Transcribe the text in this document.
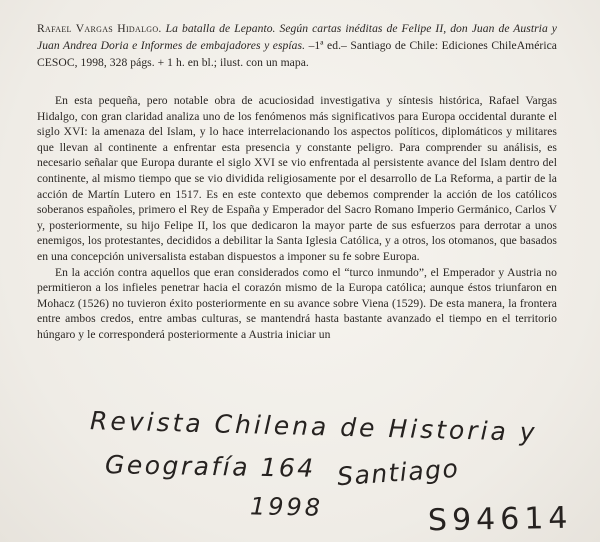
Rafael Vargas Hidalgo. La batalla de Lepanto. Según cartas inéditas de Felipe II, don Juan de Austria y Juan Andrea Doria e Informes de embajadores y espías. –1ª ed.– Santiago de Chile: Ediciones ChileAmérica CESOC, 1998, 328 págs. + 1 h. en bl.; ilust. con un mapa.

En esta pequeña, pero notable obra de acuciosidad investigativa y síntesis histórica, Rafael Vargas Hidalgo, con gran claridad analiza uno de los fenómenos más significativos para Europa occidental durante el siglo XVI: la amenaza del Islam, y lo hace interrelacionando los aspectos políticos, diplomáticos y militares que llevan al continente a enfrentar esta presencia y constante peligro. Para comprender su análisis, es necesario señalar que Europa durante el siglo XVI se vio enfrentada al persistente avance del Islam dentro del continente, al mismo tiempo que se vio dividida religiosamente por el desarrollo de La Reforma, a partir de la acción de Martín Lutero en 1517. Es en este contexto que debemos comprender la acción de los católicos soberanos españoles, primero el Rey de España y Emperador del Sacro Romano Imperio Germánico, Carlos V y, posteriormente, su hijo Felipe II, los que dedicaron la mayor parte de sus esfuerzos para derrotar a unos enemigos, los protestantes, decididos a debilitar la Santa Iglesia Católica, y a otros, los otomanos, que basados en una concepción universalista estaban dispuestos a imponer su fe sobre Europa.

En la acción contra aquellos que eran considerados como el “turco inmundo”, el Emperador y Austria no permitieron a los infieles penetrar hacia el corazón mismo de la Europa católica; aunque éstos triunfaron en Mohacz (1526) no tuvieron éxito posteriormente en su avance sobre Viena (1529). De esta manera, la frontera entre ambos credos, entre ambas culturas, se mantendrá hasta bastante avanzado el tiempo en el territorio húngaro y le corresponderá posteriormente a Austria iniciar un

Revista Chilena de Historia y
Geografía 164 Santiago
1998	S94614
